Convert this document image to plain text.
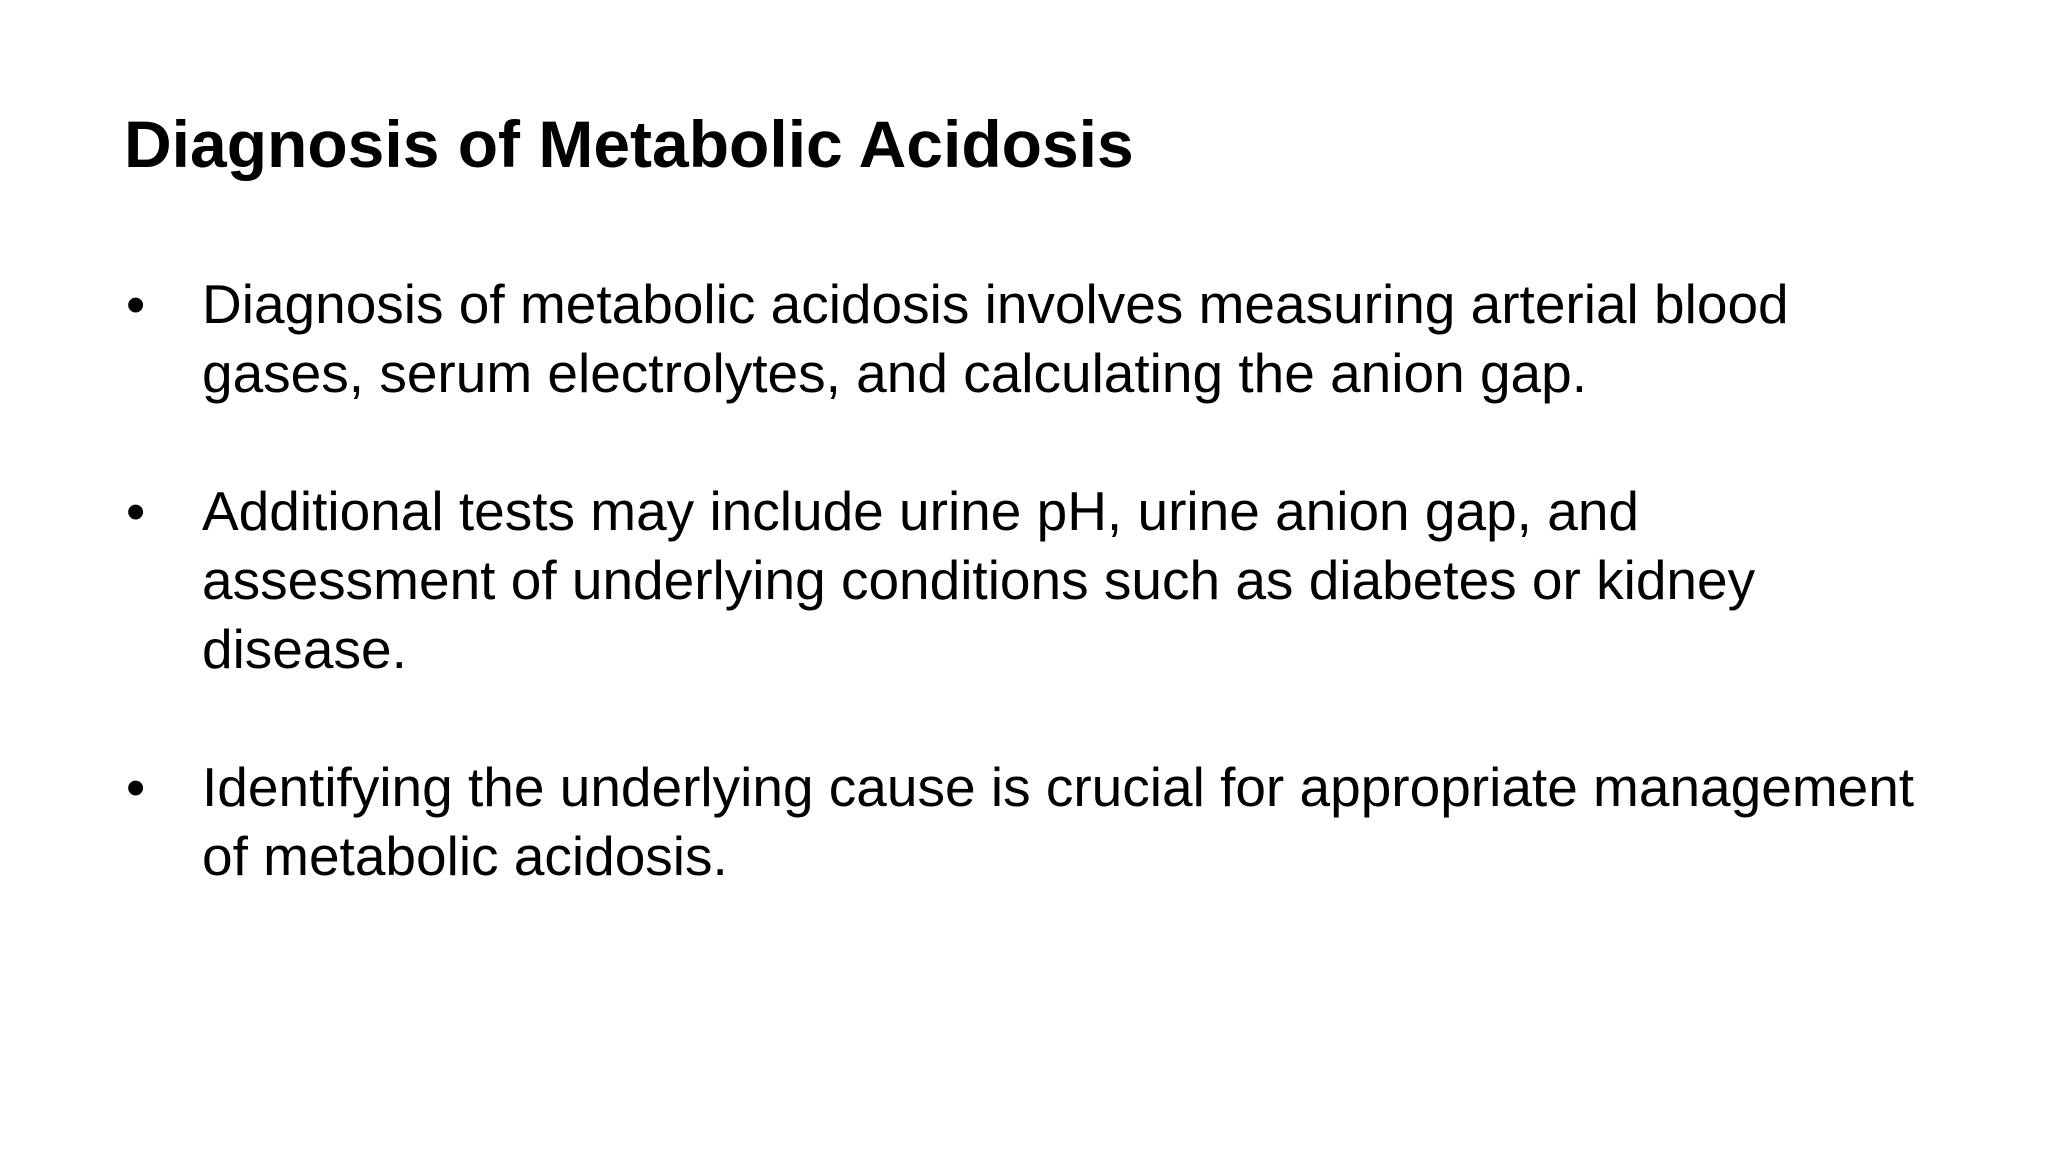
Diagnosis of Metabolic Acidosis
•	Diagnosis of metabolic acidosis involves measuring arterial blood gases, serum electrolytes, and calculating the anion gap.
•	Additional tests may include urine pH, urine anion gap, and assessment of underlying conditions such as diabetes or kidney disease.
•	Identifying the underlying cause is crucial for appropriate management of metabolic acidosis.
